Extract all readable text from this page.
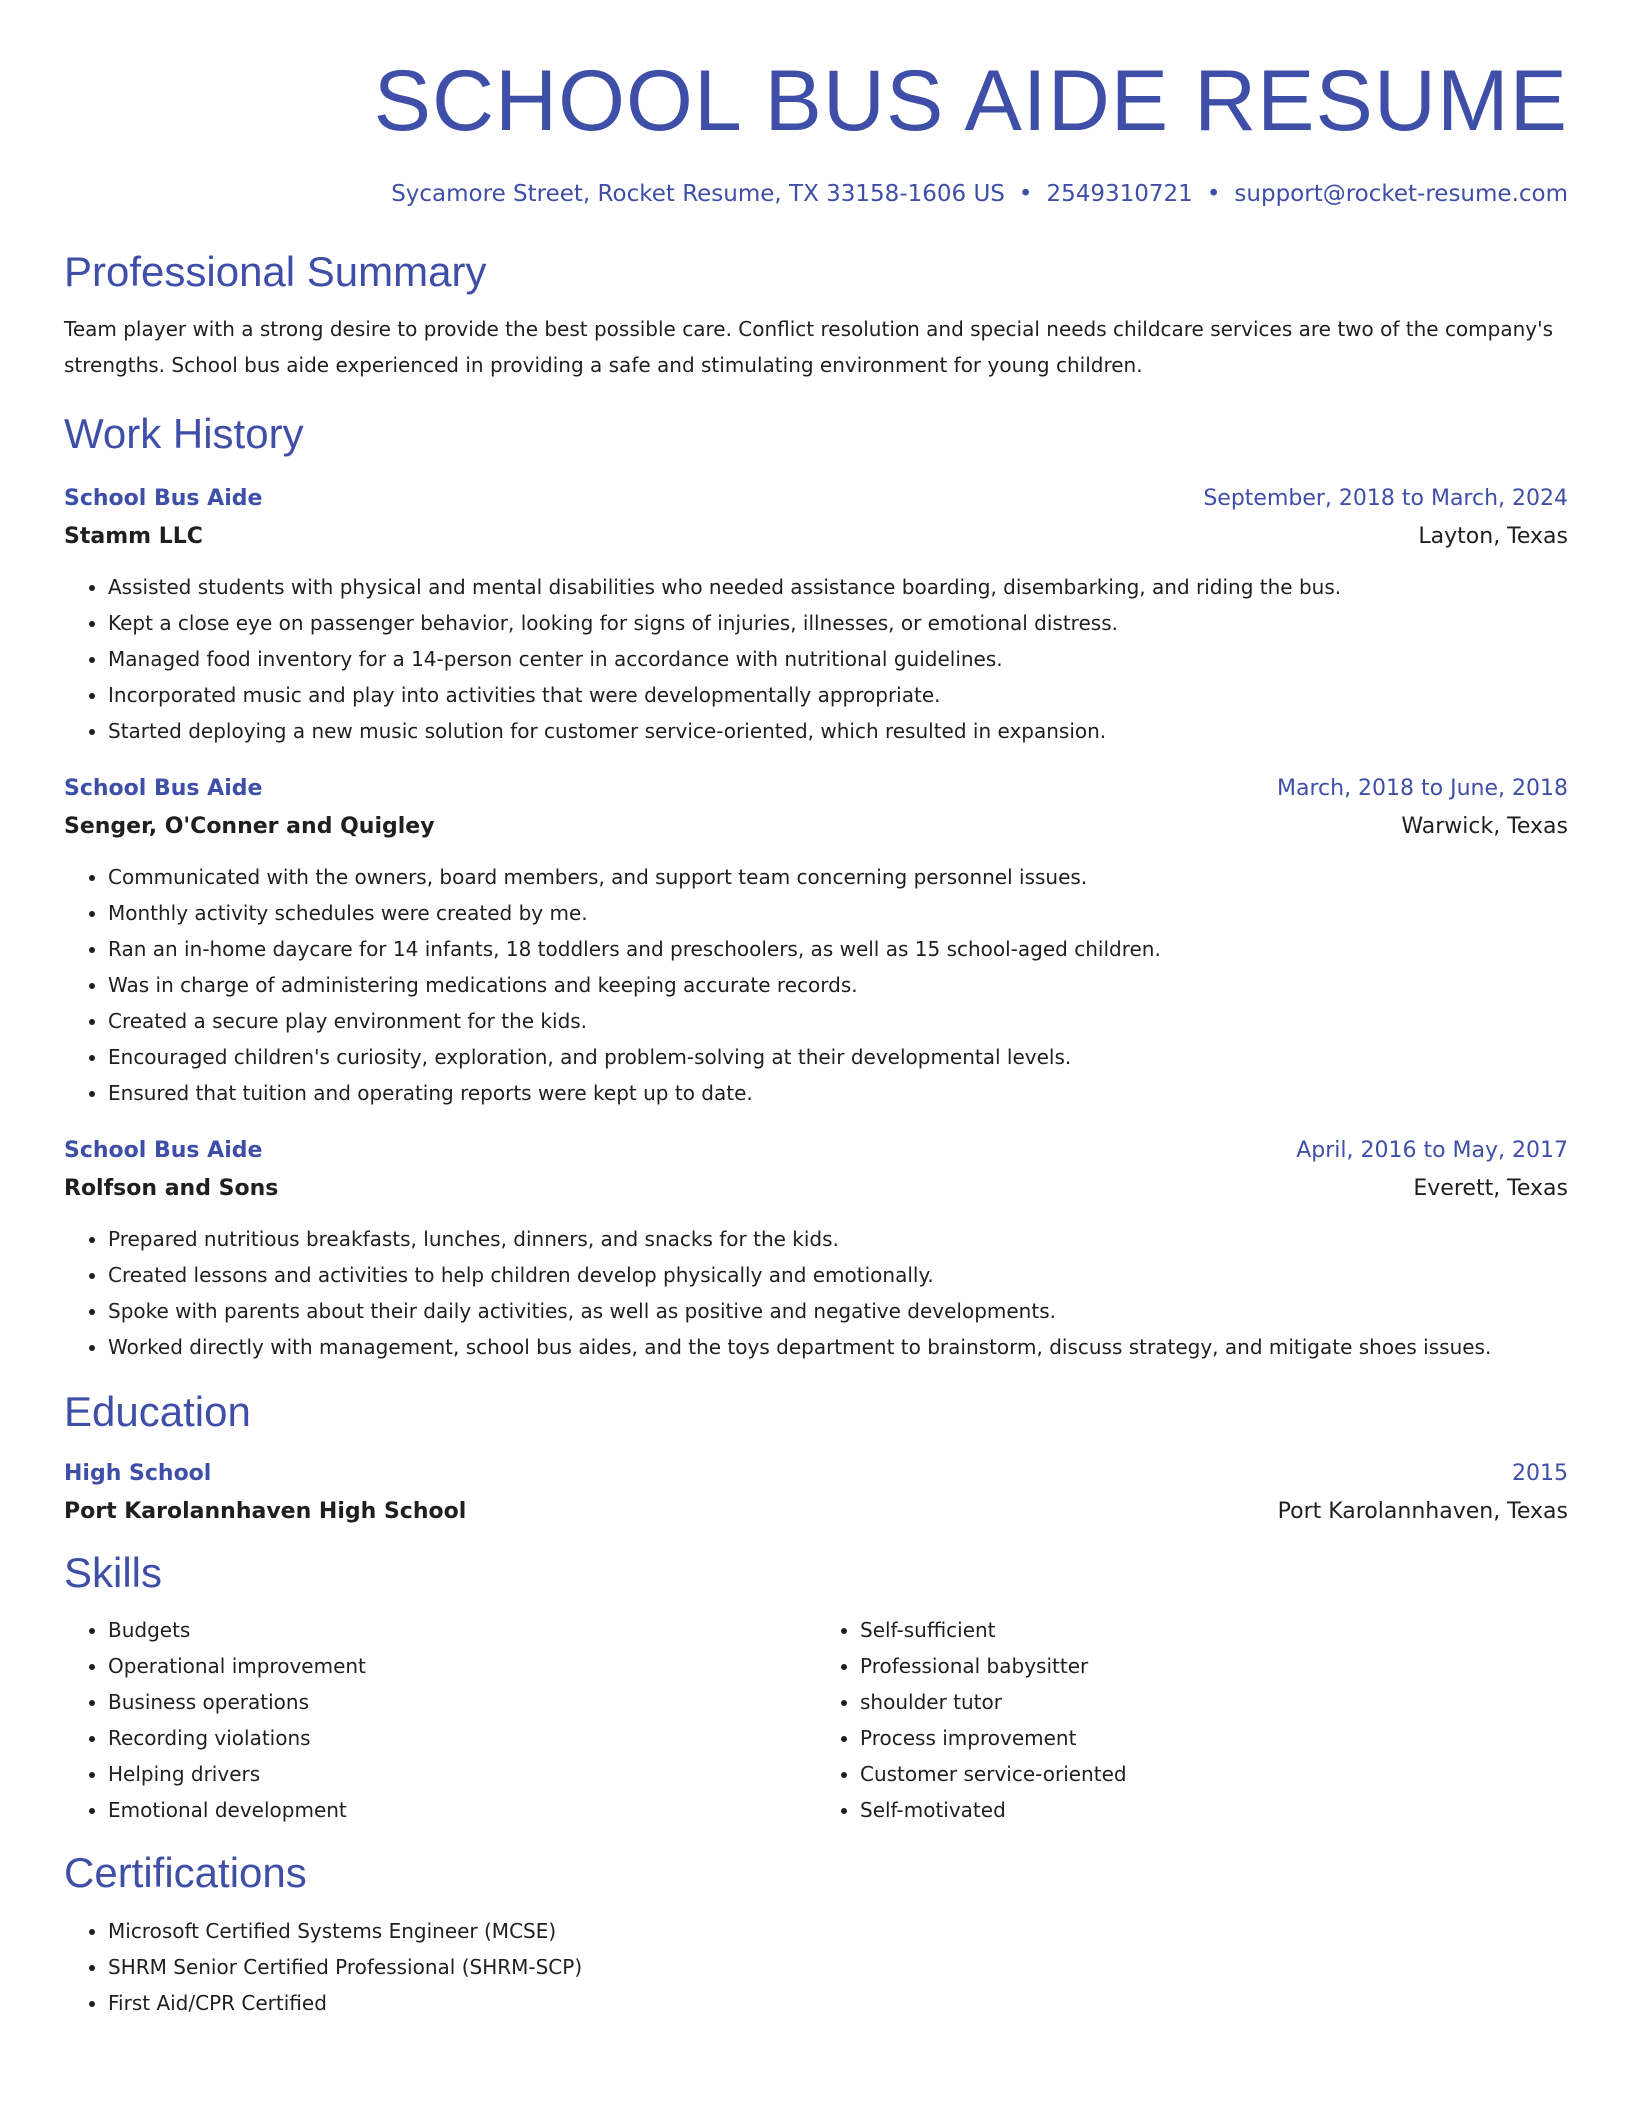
SCHOOL BUS AIDE RESUME
Sycamore Street, Rocket Resume, TX 33158-1606 US • 2549310721 • support@rocket-resume.com
Professional Summary

Team player with a strong desire to provide the best possible care. Conflict resolution and special needs childcare services are two of the company's strengths. School bus aide experienced in providing a safe and stimulating environment for young children.

Work History
School Bus Aide	September, 2018 to March, 2024
Stamm LLC	Layton, Texas
• Assisted students with physical and mental disabilities who needed assistance boarding, disembarking, and riding the bus.
• Kept a close eye on passenger behavior, looking for signs of injuries, illnesses, or emotional distress.
• Managed food inventory for a 14-person center in accordance with nutritional guidelines.
• Incorporated music and play into activities that were developmentally appropriate.
• Started deploying a new music solution for customer service-oriented, which resulted in expansion.
School Bus Aide	March, 2018 to June, 2018
Senger, O'Conner and Quigley	Warwick, Texas
• Communicated with the owners, board members, and support team concerning personnel issues.
• Monthly activity schedules were created by me.
• Ran an in-home daycare for 14 infants, 18 toddlers and preschoolers, as well as 15 school-aged children.
• Was in charge of administering medications and keeping accurate records.
• Created a secure play environment for the kids.
• Encouraged children's curiosity, exploration, and problem-solving at their developmental levels.
• Ensured that tuition and operating reports were kept up to date.
School Bus Aide	April, 2016 to May, 2017
Rolfson and Sons	Everett, Texas
• Prepared nutritious breakfasts, lunches, dinners, and snacks for the kids.
• Created lessons and activities to help children develop physically and emotionally.
• Spoke with parents about their daily activities, as well as positive and negative developments.
• Worked directly with management, school bus aides, and the toys department to brainstorm, discuss strategy, and mitigate shoes issues.
Education
High School	2015
Port Karolannhaven High School	Port Karolannhaven, Texas
Skills
• Budgets
• Operational improvement
• Business operations
• Recording violations
• Helping drivers
• Emotional development
• Self-sufficient
• Professional babysitter
• shoulder tutor
• Process improvement
• Customer service-oriented
• Self-motivated
Certifications
• Microsoft Certified Systems Engineer (MCSE)
• SHRM Senior Certified Professional (SHRM-SCP)
• First Aid/CPR Certified
